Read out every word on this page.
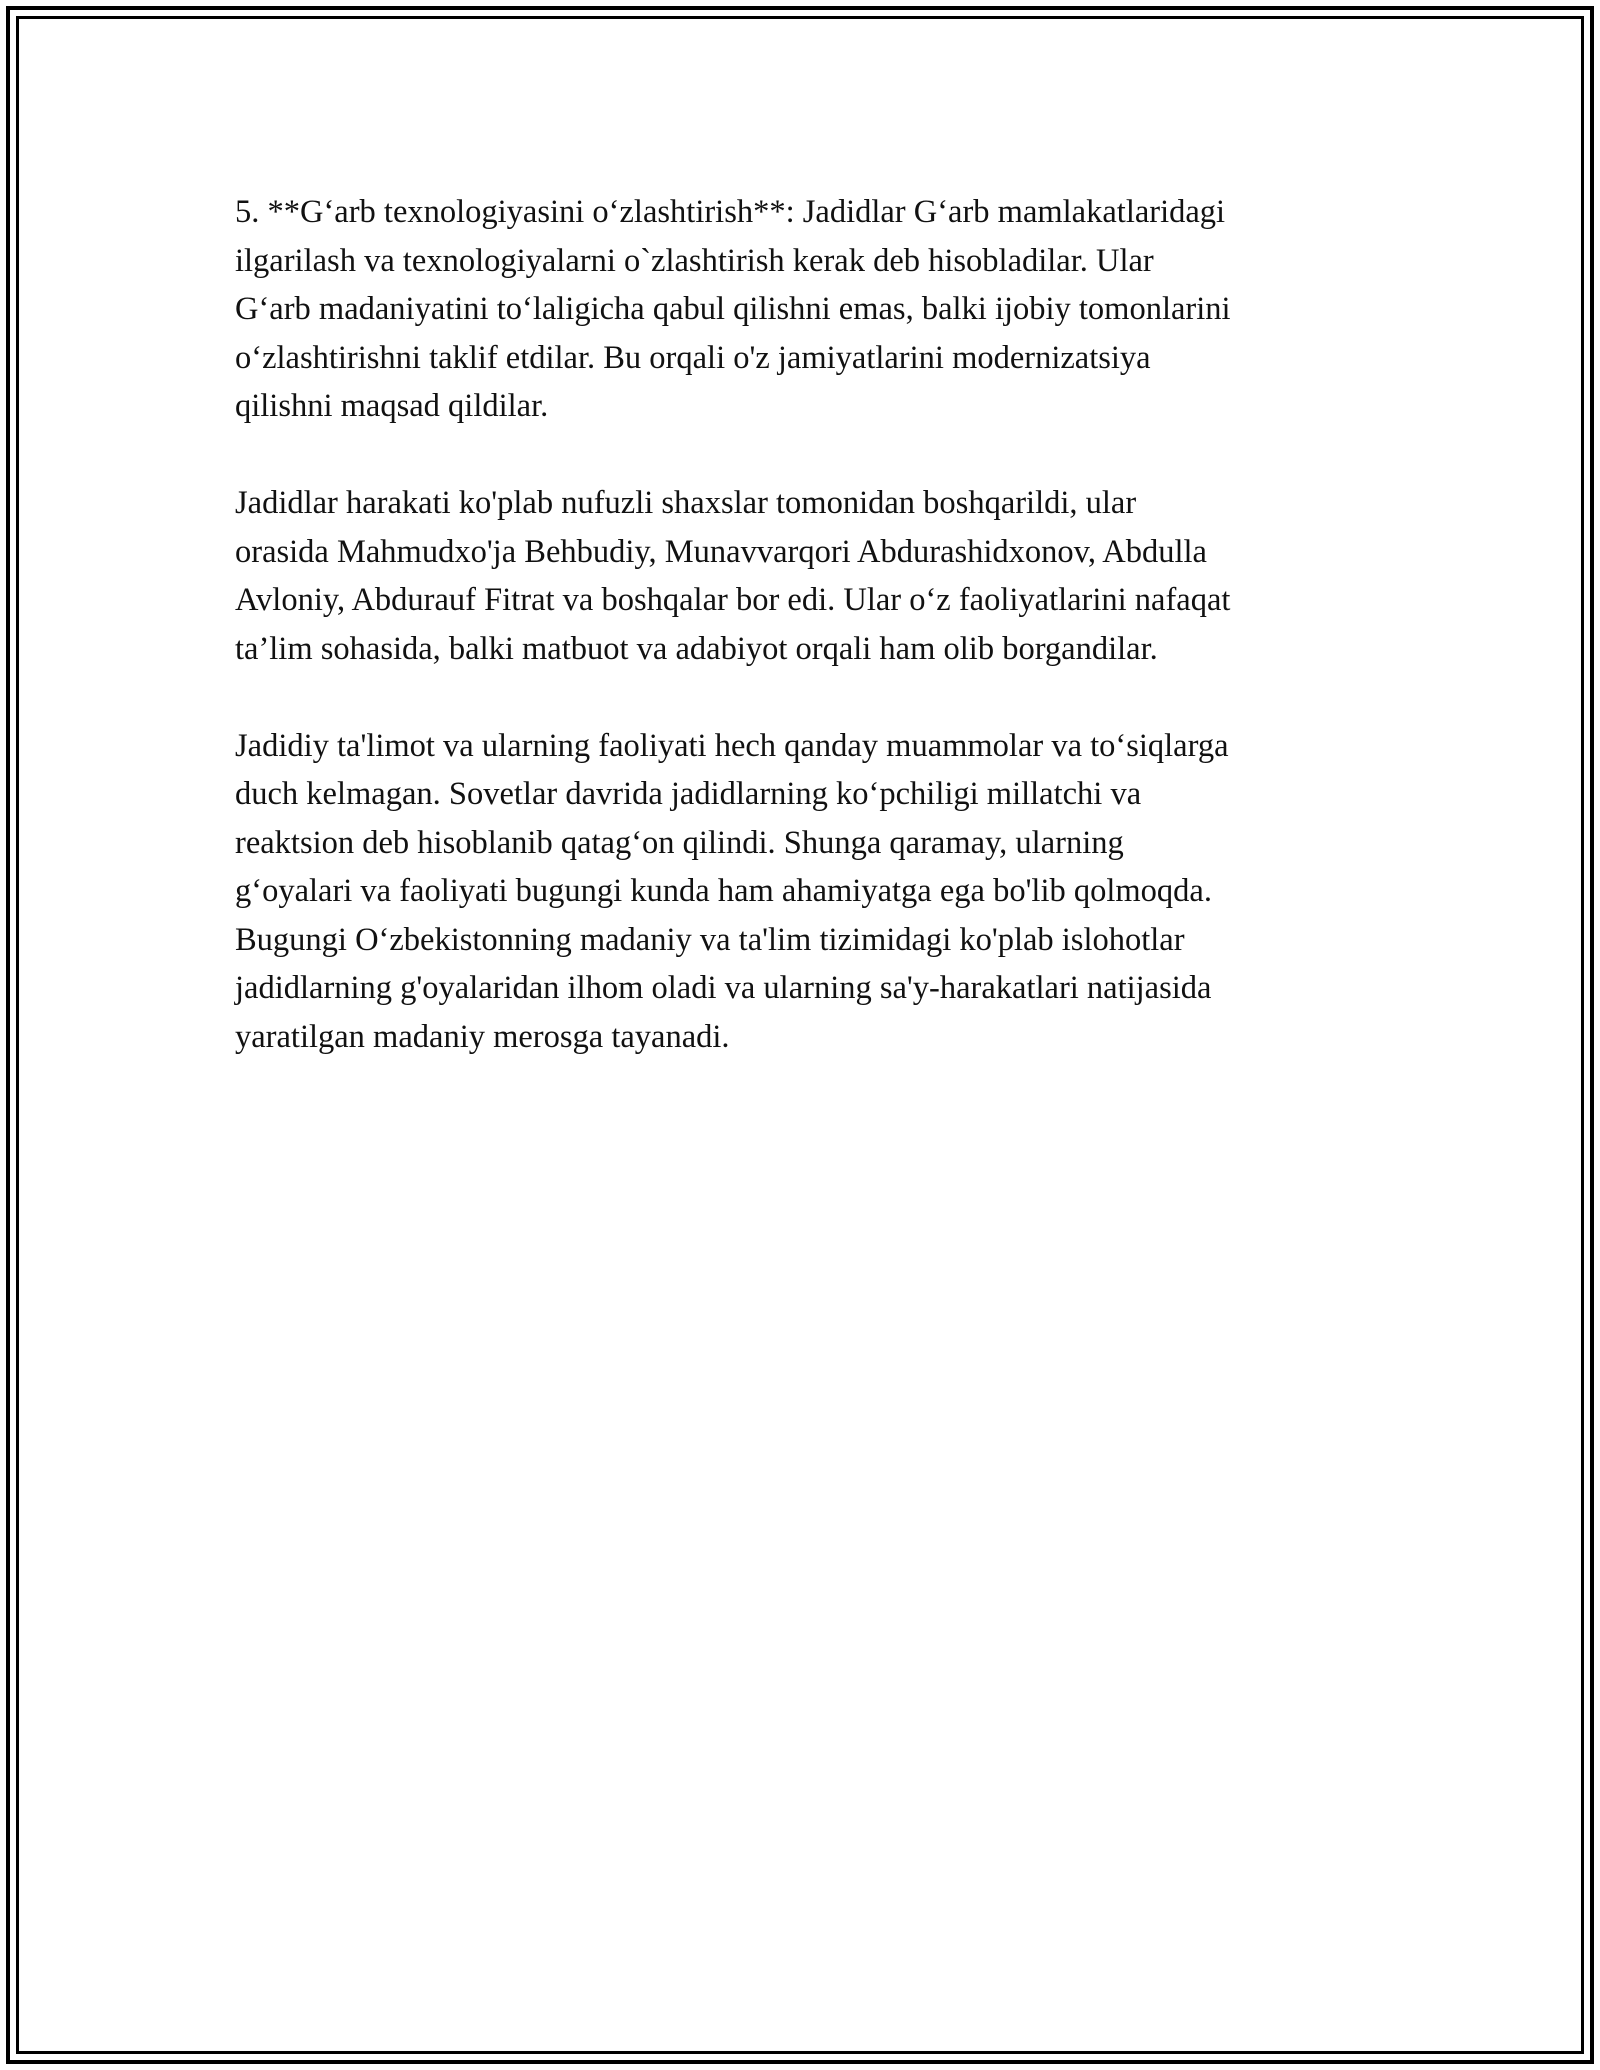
5. **G‘arb texnologiyasini o‘zlashtirish**: Jadidlar G‘arb mamlakatlaridagi
ilgarilash va texnologiyalarni o`zlashtirish kerak deb hisobladilar. Ular
G‘arb madaniyatini to‘laligicha qabul qilishni emas, balki ijobiy tomonlarini
o‘zlashtirishni taklif etdilar. Bu orqali o'z jamiyatlarini modernizatsiya
qilishni maqsad qildilar.

Jadidlar harakati ko'plab nufuzli shaxslar tomonidan boshqarildi, ular
orasida Mahmudxo'ja Behbudiy, Munavvarqori Abdurashidxonov, Abdulla
Avloniy, Abdurauf Fitrat va boshqalar bor edi. Ular o‘z faoliyatlarini nafaqat
ta’lim sohasida, balki matbuot va adabiyot orqali ham olib borgandilar.

Jadidiy ta'limot va ularning faoliyati hech qanday muammolar va to‘siqlarga
duch kelmagan. Sovetlar davrida jadidlarning ko‘pchiligi millatchi va
reaktsion deb hisoblanib qatag‘on qilindi. Shunga qaramay, ularning
g‘oyalari va faoliyati bugungi kunda ham ahamiyatga ega bo'lib qolmoqda.
Bugungi O‘zbekistonning madaniy va ta'lim tizimidagi ko'plab islohotlar
jadidlarning g'oyalaridan ilhom oladi va ularning sa'y-harakatlari natijasida
yaratilgan madaniy merosga tayanadi.
